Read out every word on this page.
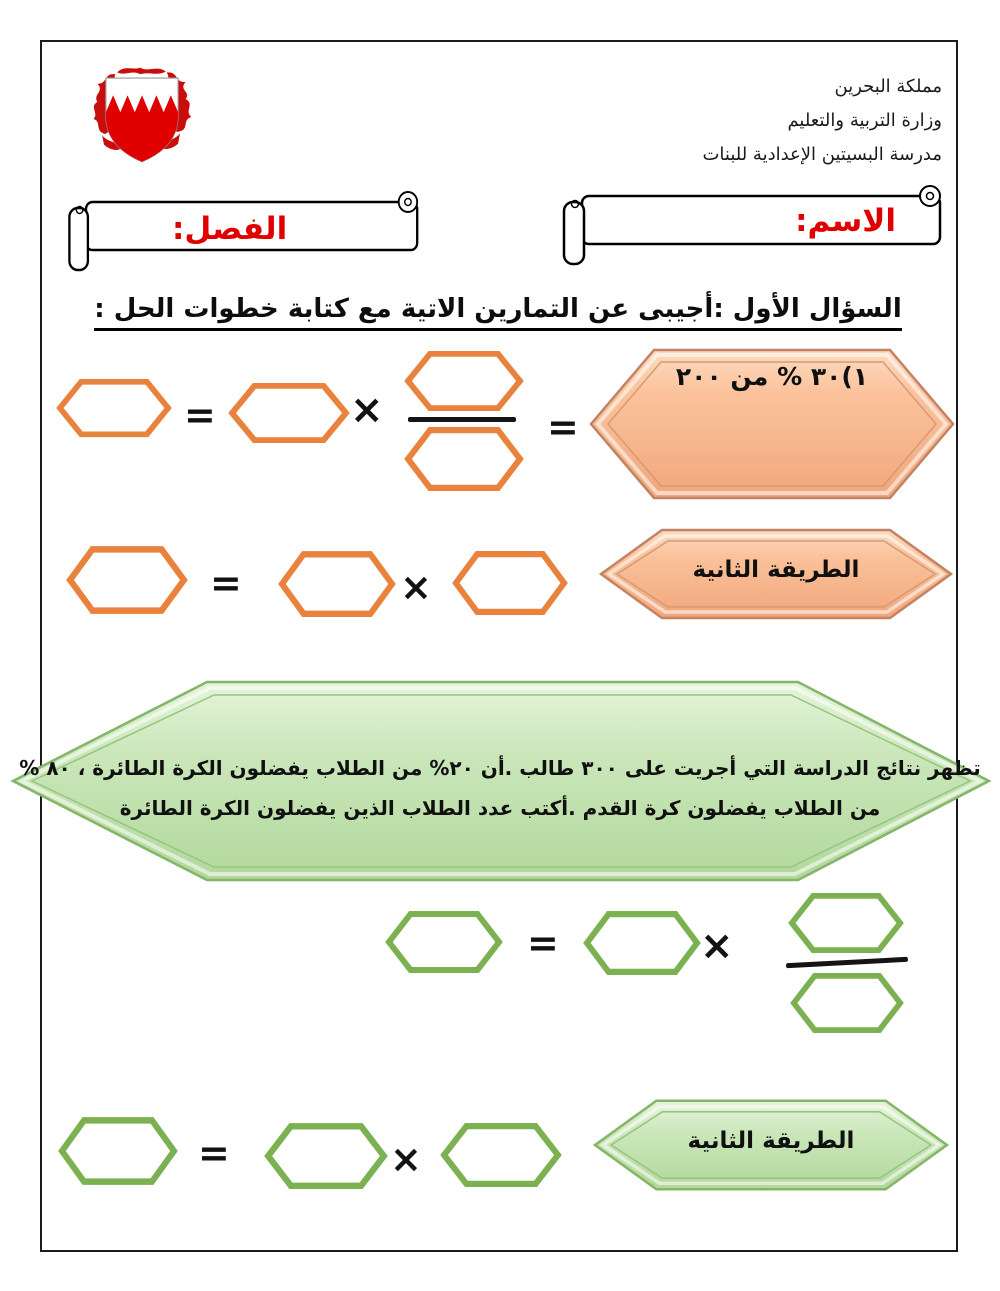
مملكة البحرين
وزارة التربية والتعليم
مدرسة البسيتين الإعدادية للبنات
الاسم:
الفصل:
السؤال الأول :أجيبى عن التمارين الاتية مع كتابة خطوات الحل :
١)٣٠ % من ٢٠٠
=
×
=
الطريقة الثانية
×
=
تظهر نتائج الدراسة التي أجريت على ٣٠٠ طالب .أن ٢٠% من الطلاب يفضلون الكرة الطائرة ، ٨٠ % من الطلاب يفضلون كرة القدم .أكتب عدد الطلاب الذين يفضلون الكرة الطائرة
×
=
الطريقة الثانية
×
=
